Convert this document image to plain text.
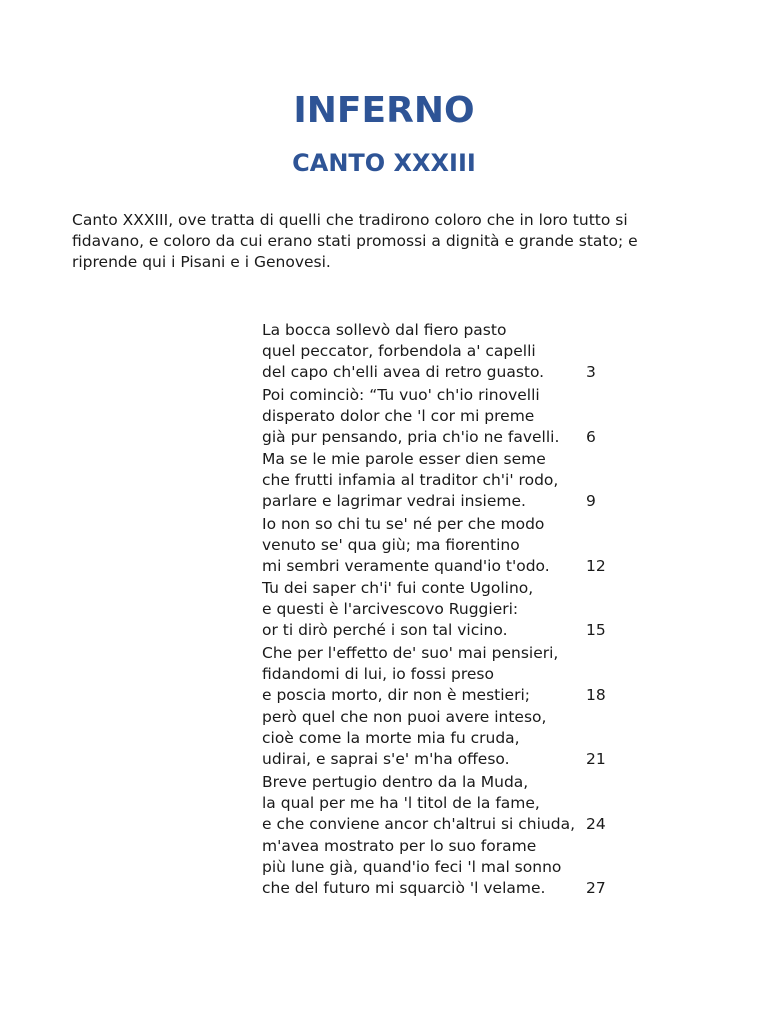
INFERNO
CANTO XXXIII

Canto XXXIII, ove tratta di quelli che tradirono coloro che in loro tutto si fidavano, e coloro da cui erano stati promossi a dignità e grande stato; e riprende qui i Pisani e i Genovesi.

La bocca sollevò dal fiero pasto
quel peccator, forbendola a' capelli
del capo ch'elli avea di retro guasto.	3
Poi cominciò: “Tu vuo' ch'io rinovelli
disperato dolor che 'l cor mi preme
già pur pensando, pria ch'io ne favelli.	6
Ma se le mie parole esser dien seme
che frutti infamia al traditor ch'i' rodo,
parlare e lagrimar vedrai insieme.	9
Io non so chi tu se' né per che modo
venuto se' qua giù; ma fiorentino
mi sembri veramente quand'io t'odo.	12
Tu dei saper ch'i' fui conte Ugolino,
e questi è l'arcivescovo Ruggieri:
or ti dirò perché i son tal vicino.	15
Che per l'effetto de' suo' mai pensieri,
fidandomi di lui, io fossi preso
e poscia morto, dir non è mestieri;	18
però quel che non puoi avere inteso,
cioè come la morte mia fu cruda,
udirai, e saprai s'e' m'ha offeso.	21
Breve pertugio dentro da la Muda,
la qual per me ha 'l titol de la fame,
e che conviene ancor ch'altrui si chiuda, 24
m'avea mostrato per lo suo forame
più lune già, quand'io feci 'l mal sonno
che del futuro mi squarciò 'l velame.	27
